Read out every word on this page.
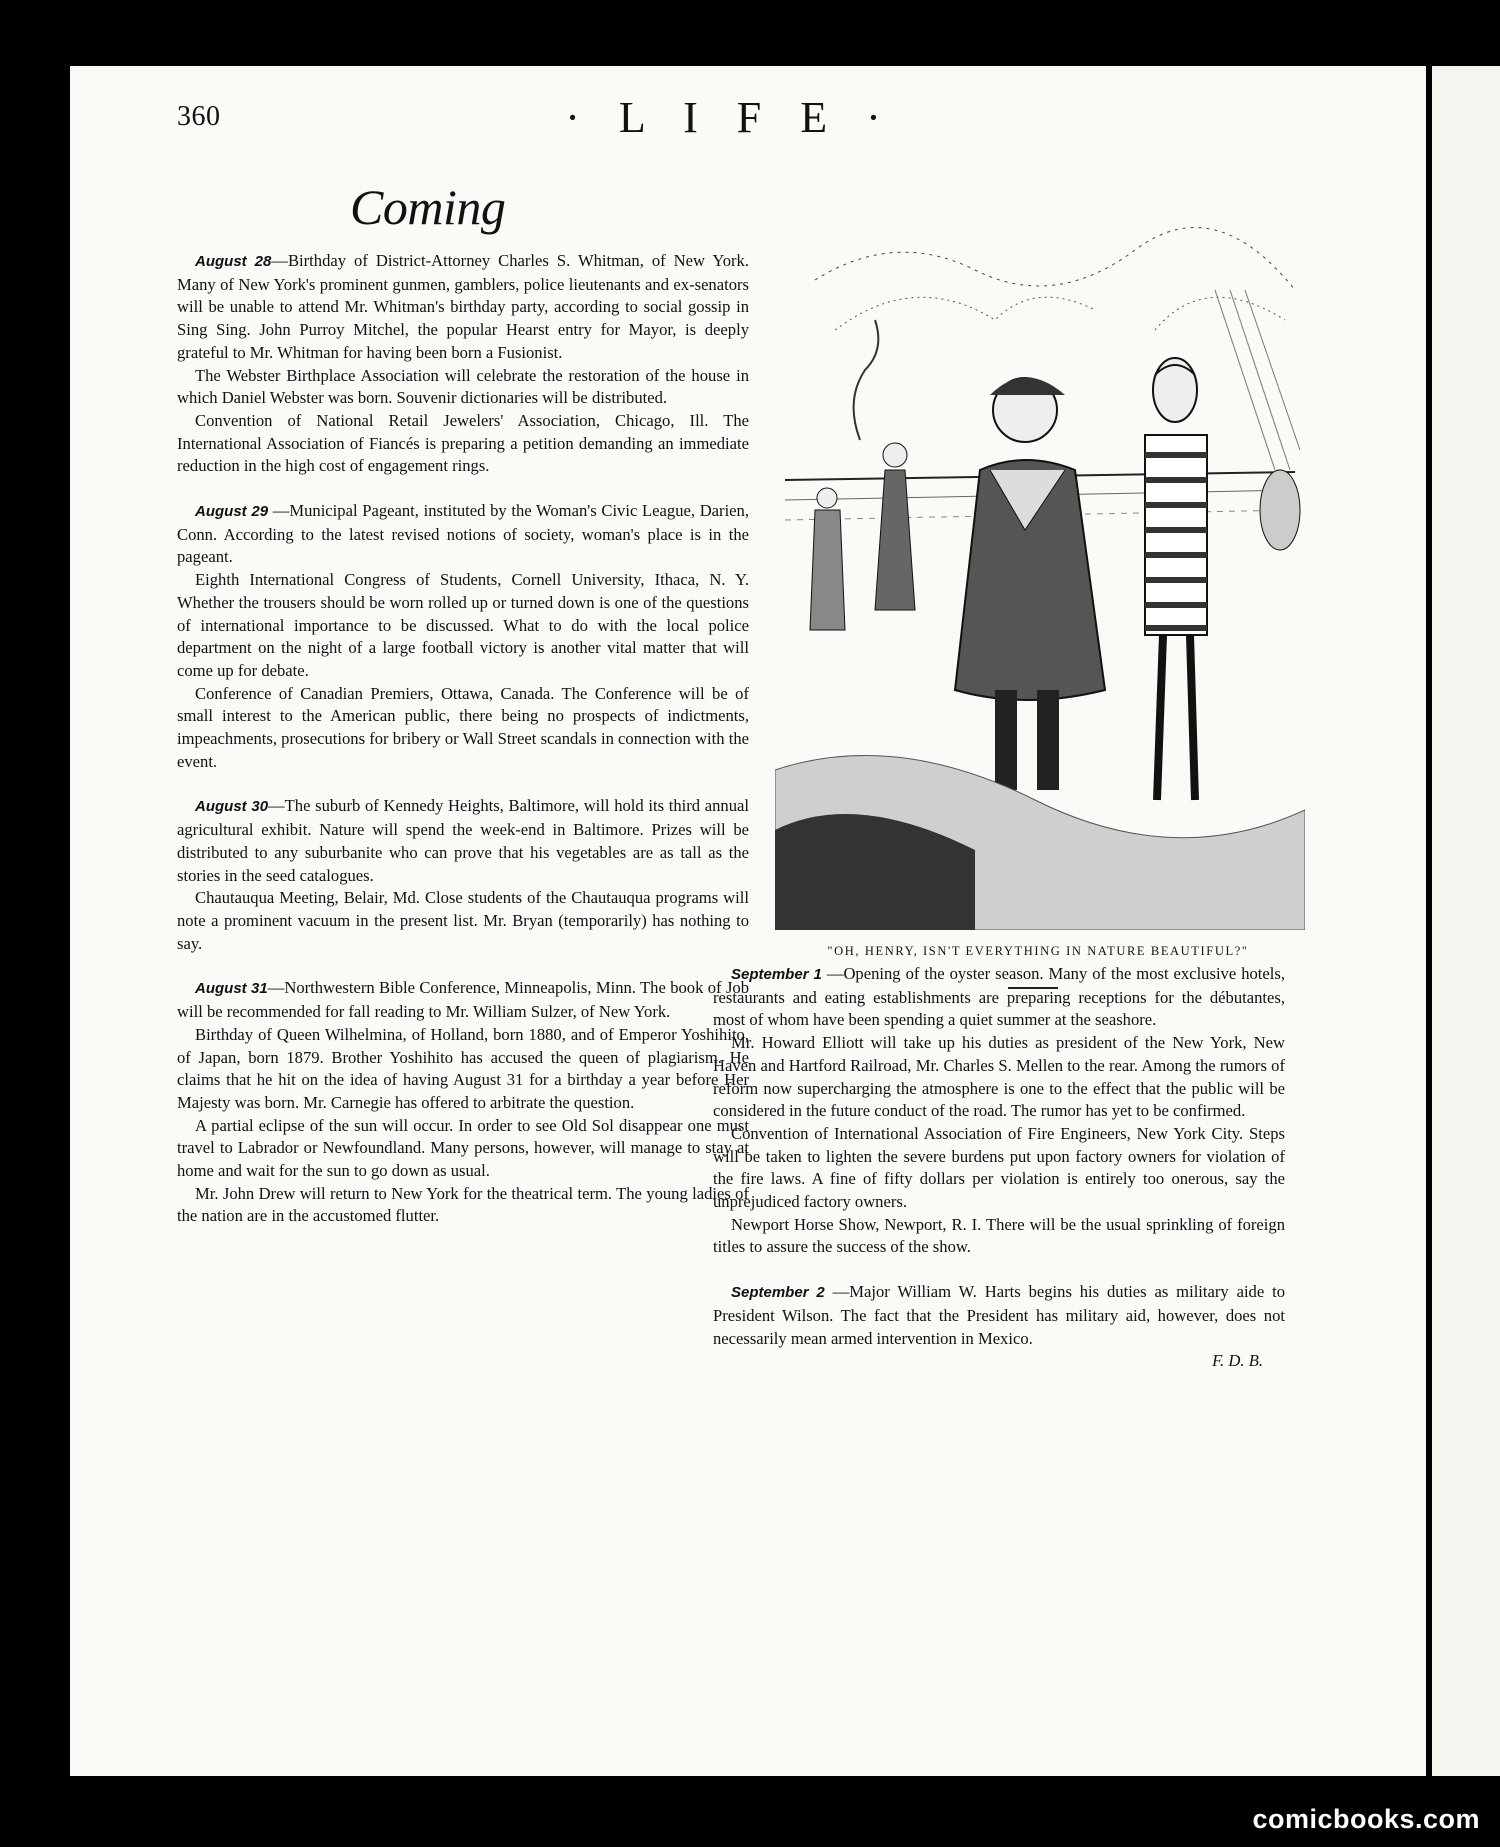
360	· L I F E ·
Coming

August 28—Birthday of District-Attorney Charles S. Whitman, of New York. Many of New York's prominent gunmen, gamblers, police lieutenants and ex-senators will be unable to attend Mr. Whitman's birthday party, according to social gossip in Sing Sing. John Purroy Mitchel, the popular Hearst entry for Mayor, is deeply grateful to Mr. Whitman for having been born a Fusionist.

The Webster Birthplace Association will celebrate the restoration of the house in which Daniel Webster was born. Souvenir dictionaries will be distributed.

Convention of National Retail Jewelers' Association, Chicago, Ill. The International Association of Fiancés is preparing a petition demanding an immediate reduction in the high cost of engagement rings.

August 29 —Municipal Pageant, instituted by the Woman's Civic League, Darien, Conn. According to the latest revised notions of society, woman's place is in the pageant.

Eighth International Congress of Students, Cornell University, Ithaca, N. Y. Whether the trousers should be worn rolled up or turned down is one of the questions of international importance to be discussed. What to do with the local police department on the night of a large football victory is another vital matter that will come up for debate.

Conference of Canadian Premiers, Ottawa, Canada. The Conference will be of small interest to the American public, there being no prospects of indictments, impeachments, prosecutions for bribery or Wall Street scandals in connection with the event.

August 30—The suburb of Kennedy Heights, Baltimore, will hold its third annual agricultural exhibit. Nature will spend the week-end in Baltimore. Prizes will be distributed to any suburbanite who can prove that his vegetables are as tall as the stories in the seed catalogues.

Chautauqua Meeting, Belair, Md. Close students of the Chautauqua programs will note a prominent vacuum in the present list. Mr. Bryan (temporarily) has nothing to say.

August 31—Northwestern Bible Conference, Minneapolis, Minn. The book of Job will be recommended for fall reading to Mr. William Sulzer, of New York.

Birthday of Queen Wilhelmina, of Holland, born 1880, and of Emperor Yoshihito, of Japan, born 1879. Brother Yoshihito has accused the queen of plagiarism. He claims that he hit on the idea of having August 31 for a birthday a year before Her Majesty was born. Mr. Carnegie has offered to arbitrate the question.

A partial eclipse of the sun will occur. In order to see Old Sol disappear one must travel to Labrador or Newfoundland. Many persons, however, will manage to stay at home and wait for the sun to go down as usual.

Mr. John Drew will return to New York for the theatrical term. The young ladies of the nation are in the accustomed flutter.

"OH, HENRY, ISN'T EVERYTHING IN NATURE BEAUTIFUL?"

September 1 —Opening of the oyster season. Many of the most exclusive hotels, restaurants and eating establishments are preparing receptions for the débutantes, most of whom have been spending a quiet summer at the seashore.

Mr. Howard Elliott will take up his duties as president of the New York, New Haven and Hartford Railroad, Mr. Charles S. Mellen to the rear. Among the rumors of reform now supercharging the atmosphere is one to the effect that the public will be considered in the future conduct of the road. The rumor has yet to be confirmed.

Convention of International Association of Fire Engineers, New York City. Steps will be taken to lighten the severe burdens put upon factory owners for violation of the fire laws. A fine of fifty dollars per violation is entirely too onerous, say the unprejudiced factory owners.

Newport Horse Show, Newport, R. I. There will be the usual sprinkling of foreign titles to assure the success of the show.

September 2 —Major William W. Harts begins his duties as military aide to President Wilson. The fact that the President has military aid, however, does not necessarily mean armed intervention in Mexico.

F. D. B.
comicbooks.com
